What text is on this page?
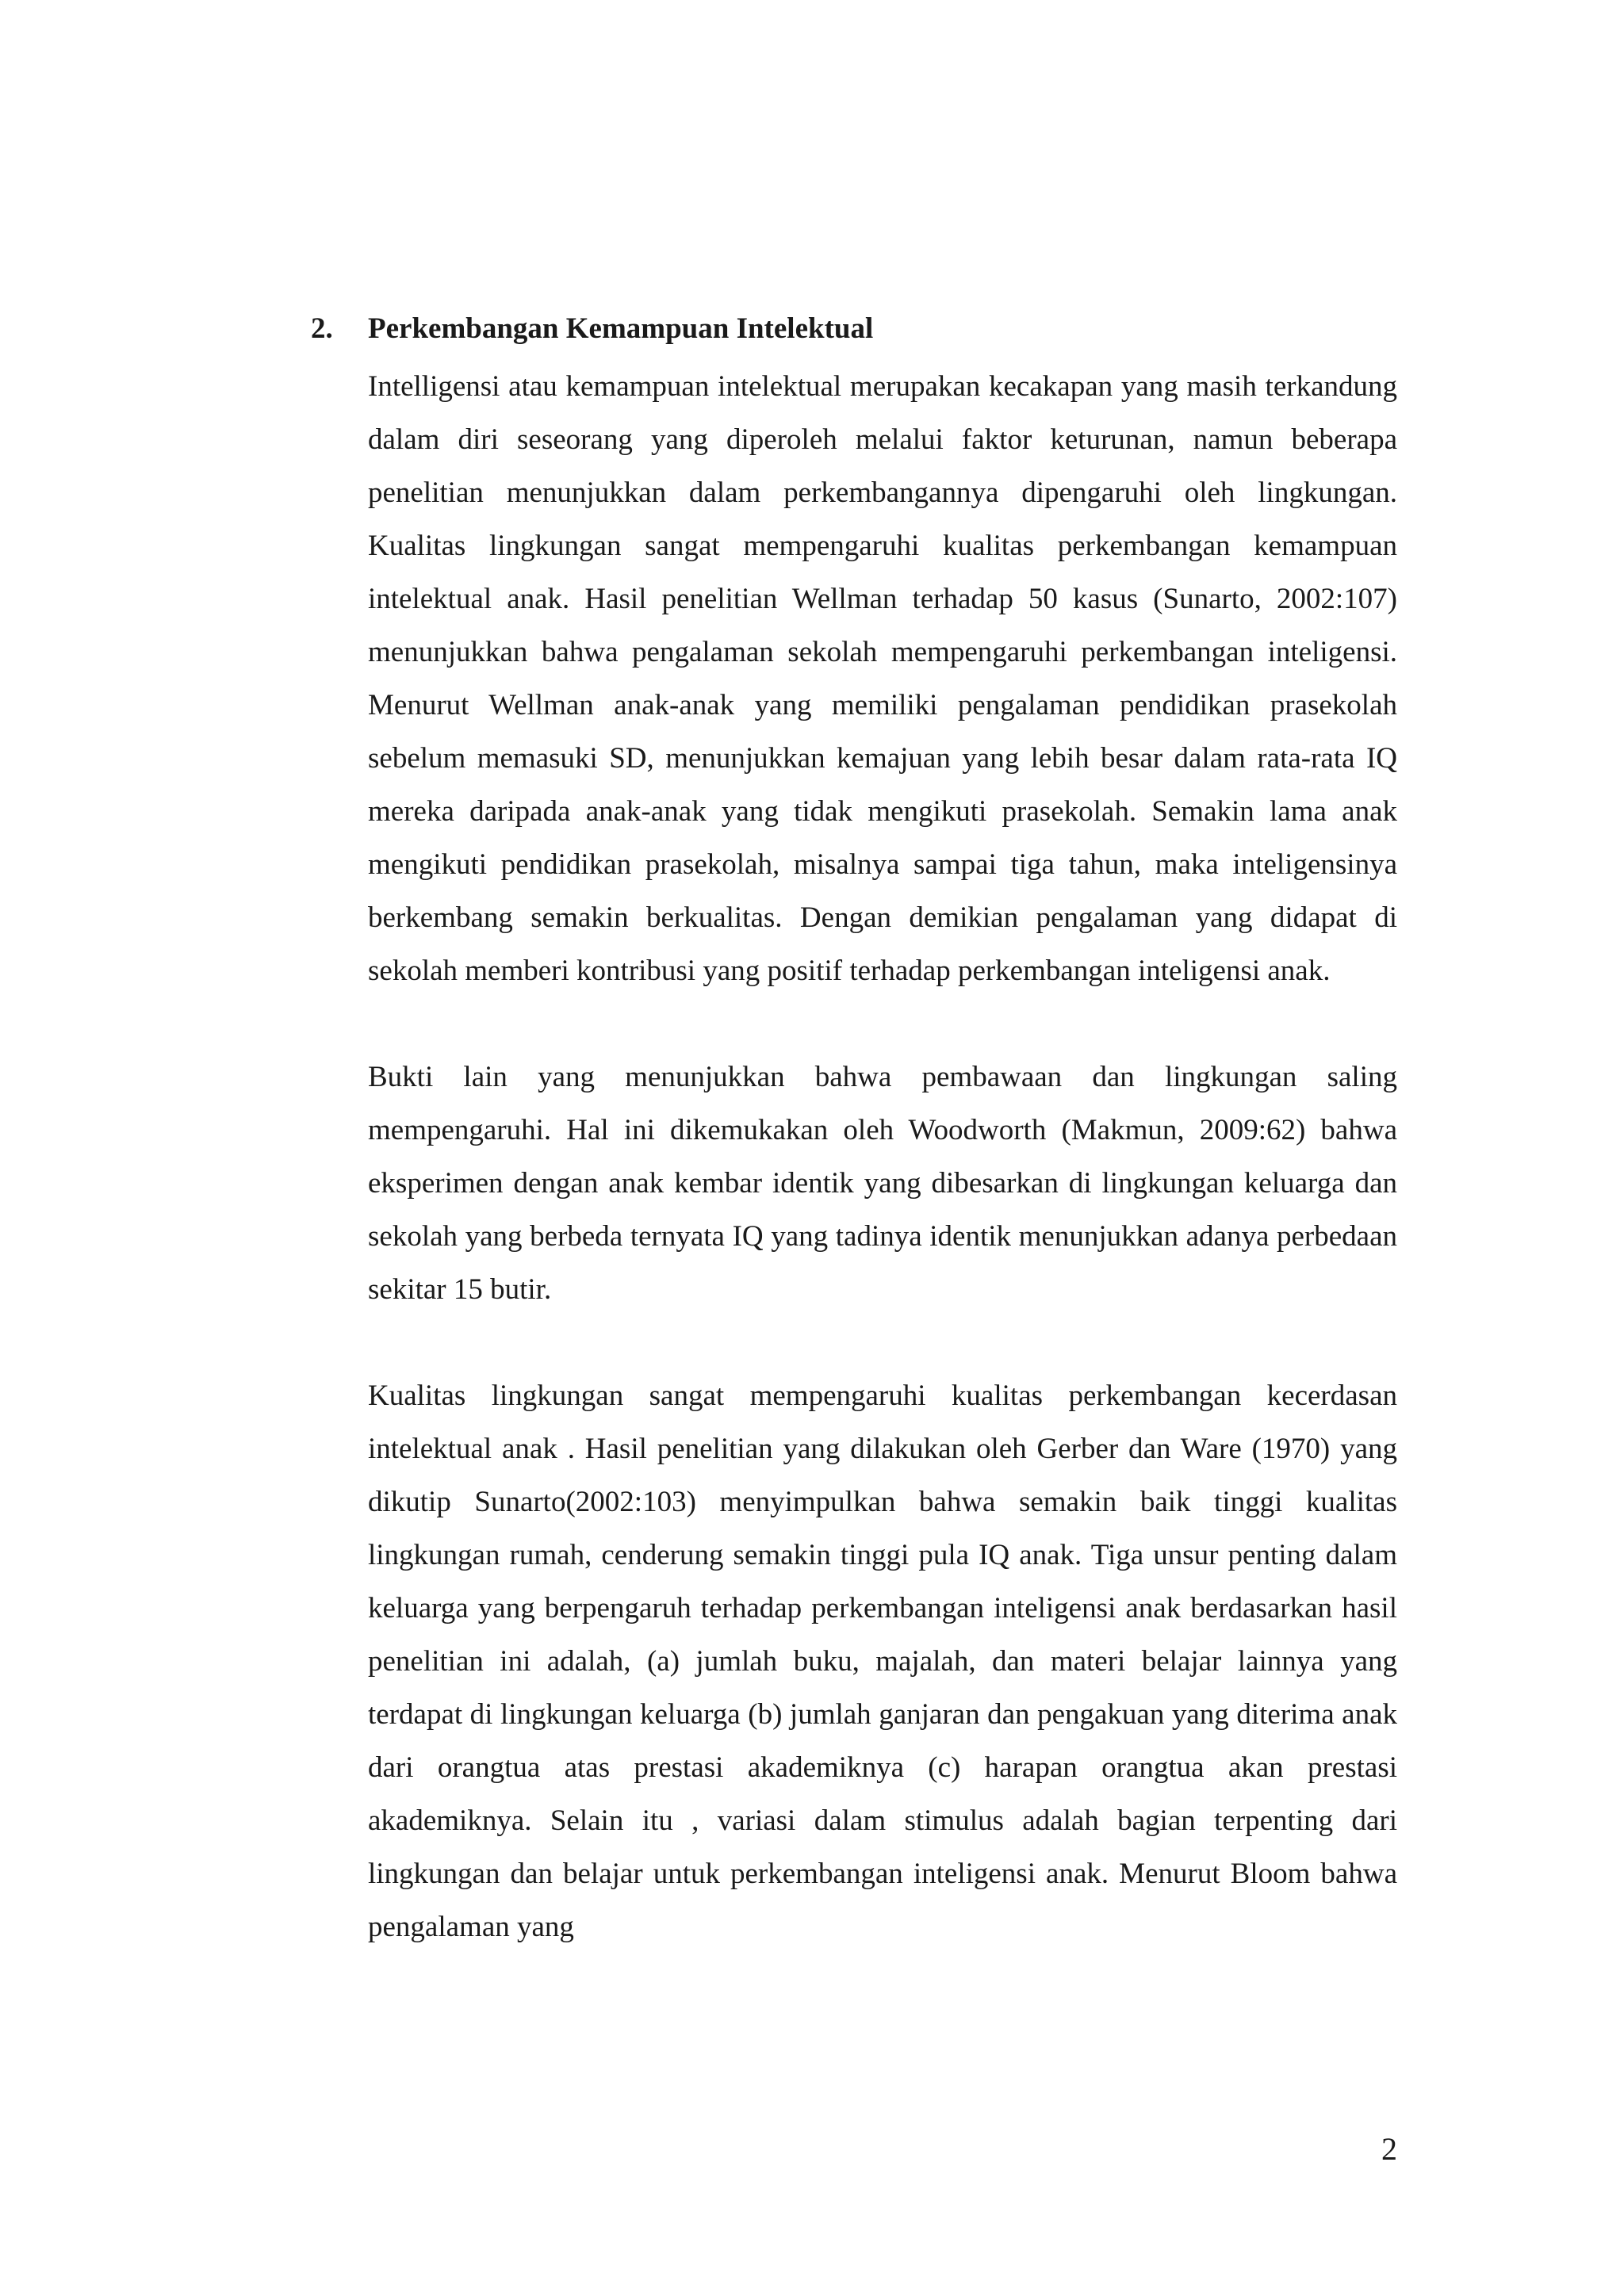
2. Perkembangan Kemampuan Intelektual

Intelligensi atau kemampuan intelektual merupakan kecakapan yang masih terkandung dalam diri seseorang yang diperoleh melalui faktor keturunan, namun beberapa penelitian menunjukkan dalam perkembangannya dipengaruhi oleh lingkungan. Kualitas lingkungan sangat mempengaruhi kualitas perkembangan kemampuan intelektual anak. Hasil penelitian Wellman terhadap 50 kasus (Sunarto, 2002:107) menunjukkan bahwa pengalaman sekolah mempengaruhi perkembangan inteligensi. Menurut Wellman anak-anak yang memiliki pengalaman pendidikan prasekolah sebelum memasuki SD, menunjukkan kemajuan yang lebih besar dalam rata-rata IQ mereka daripada anak-anak yang tidak mengikuti prasekolah. Semakin lama anak mengikuti pendidikan prasekolah, misalnya sampai tiga tahun, maka inteligensinya berkembang semakin berkualitas. Dengan demikian pengalaman yang didapat di sekolah memberi kontribusi yang positif terhadap perkembangan inteligensi anak.

Bukti lain yang menunjukkan bahwa pembawaan dan lingkungan saling mempengaruhi. Hal ini dikemukakan oleh Woodworth (Makmun, 2009:62) bahwa eksperimen dengan anak kembar identik yang dibesarkan di lingkungan keluarga dan sekolah yang berbeda ternyata IQ yang tadinya identik menunjukkan adanya perbedaan sekitar 15 butir.

Kualitas lingkungan sangat mempengaruhi kualitas perkembangan kecerdasan intelektual anak . Hasil penelitian yang dilakukan oleh Gerber dan Ware (1970) yang dikutip Sunarto(2002:103) menyimpulkan bahwa semakin baik tinggi kualitas lingkungan rumah, cenderung semakin tinggi pula IQ anak. Tiga unsur penting dalam keluarga yang berpengaruh terhadap perkembangan inteligensi anak berdasarkan hasil penelitian ini adalah, (a) jumlah buku, majalah, dan materi belajar lainnya yang terdapat di lingkungan keluarga (b) jumlah ganjaran dan pengakuan yang diterima anak dari orangtua atas prestasi akademiknya (c) harapan orangtua akan prestasi akademiknya. Selain itu , variasi dalam stimulus adalah bagian terpenting dari lingkungan dan belajar untuk perkembangan inteligensi anak. Menurut Bloom bahwa pengalaman yang

2
